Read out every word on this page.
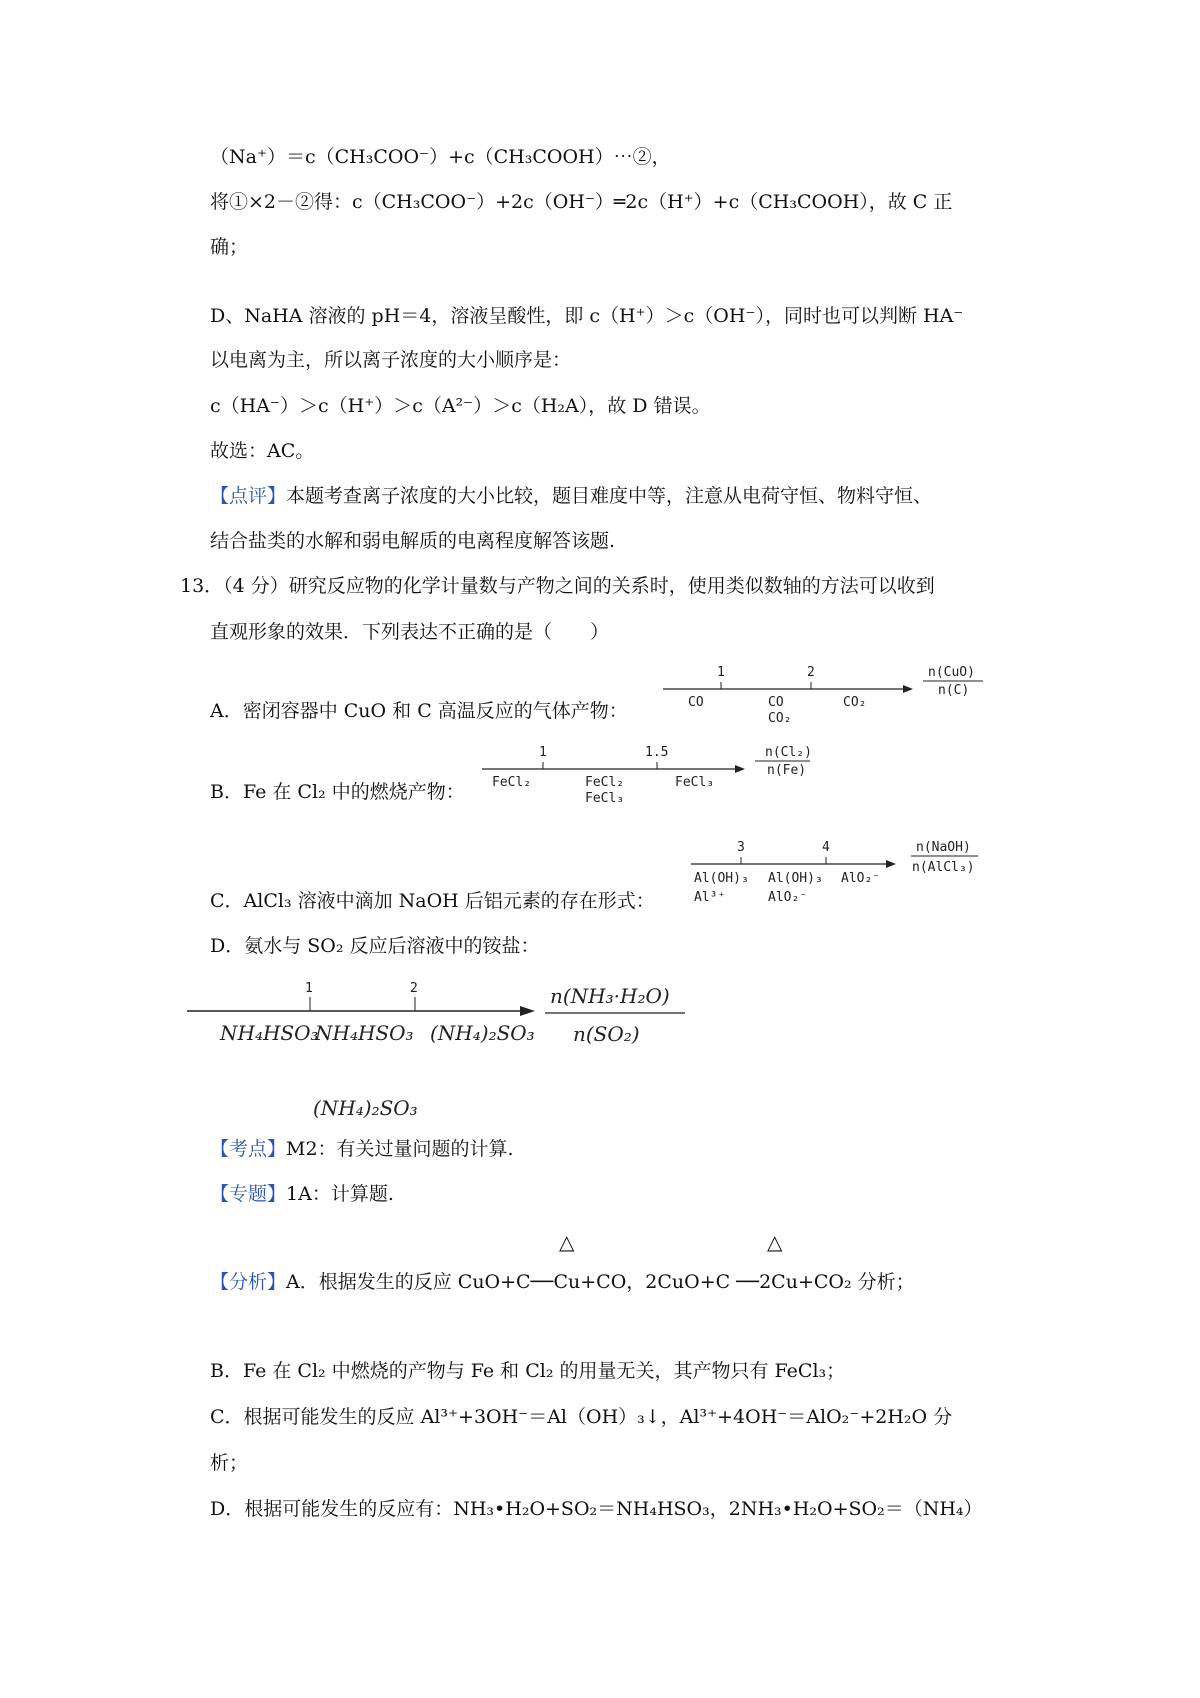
（Na⁺）＝c（CH₃COO⁻）+c（CH₃COOH）⋯②，
将①×2－②得：c（CH₃COO⁻）+2c（OH⁻）═2c（H⁺）+c（CH₃COOH），故 C 正
确；
D、NaHA 溶液的 pH＝4，溶液呈酸性，即 c（H⁺）＞c（OH⁻），同时也可以判断 HA⁻
以电离为主，所以离子浓度的大小顺序是：
c（HA⁻）＞c（H⁺）＞c（A²⁻）＞c（H₂A），故 D 错误。
故选：AC。
【点评】本题考查离子浓度的大小比较，题目难度中等，注意从电荷守恒、物料守恒、
结合盐类的水解和弱电解质的电离程度解答该题.
13．（4 分）研究反应物的化学计量数与产物之间的关系时，使用类似数轴的方法可以收到
直观形象的效果．下列表达不正确的是（　　）
A．密闭容器中 CuO 和 C 高温反应的气体产物：
1	2
CO	CO
CO₂
CO₂
n(CuO)
n(C)
B．Fe 在 Cl₂ 中的燃烧产物：
1	1.5
FeCl₂	FeCl₂
FeCl₃
FeCl₃
n(Cl₂)
n(Fe)
C．AlCl₃ 溶液中滴加 NaOH 后铝元素的存在形式：
3	4
Al(OH)₃
Al³⁺
Al(OH)₃
AlO₂⁻
AlO₂⁻
n(NaOH)
n(AlCl₃)
D．氨水与 SO₂ 反应后溶液中的铵盐：
1	2
NH₄HSO₃
NH₄HSO₃ (NH₄)₂SO₃
(NH₄)₂SO₃
n(NH₃·H₂O)
n(SO₂)
【考点】M2：有关过量问题的计算.
【专题】1A：计算题.
△	△
【分析】A．根据发生的反应 CuO+C──Cu+CO，2CuO+C ──2Cu+CO₂ 分析；
B．Fe 在 Cl₂ 中燃烧的产物与 Fe 和 Cl₂ 的用量无关，其产物只有 FeCl₃；
C．根据可能发生的反应 Al³⁺+3OH⁻＝Al（OH）₃↓，Al³⁺+4OH⁻＝AlO₂⁻+2H₂O 分
析；
D．根据可能发生的反应有：NH₃•H₂O+SO₂＝NH₄HSO₃，2NH₃•H₂O+SO₂＝（NH₄）
